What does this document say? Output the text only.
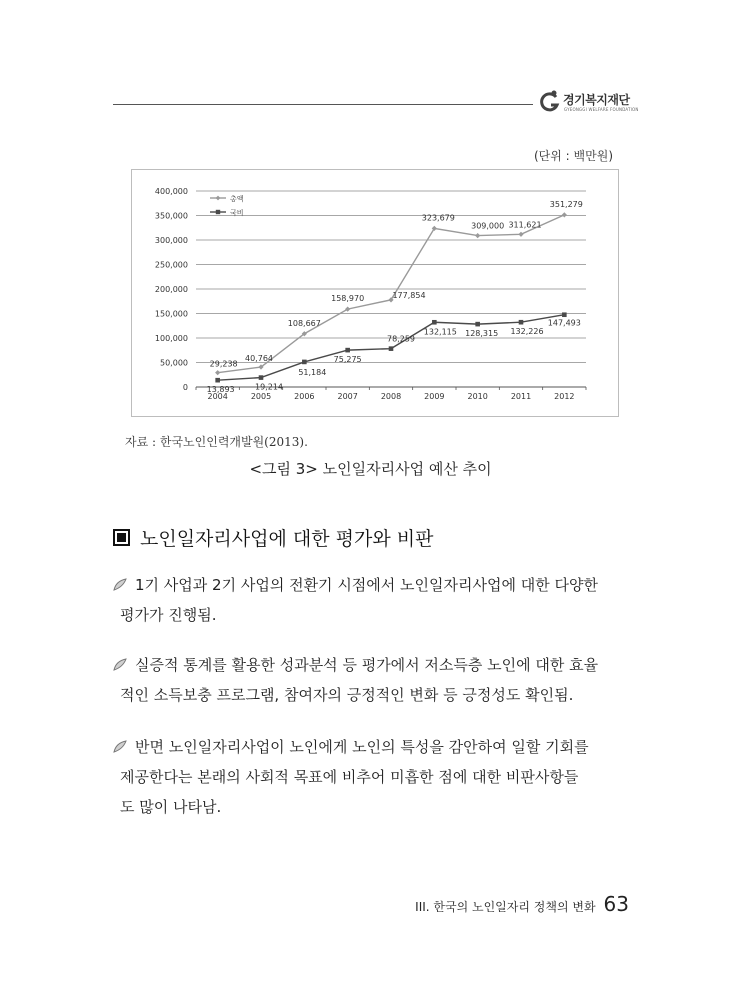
경기복지재단
GYEONGGI WELFARE FOUNDATION
(단위 : 백만원)
0
50,000
100,000
150,000
200,000
250,000
300,000
350,000
400,000
2004	2005	2006	2007	2008	2009	2010	2011	2012
29,238
40,764
108,667
158,970	177,854
323,679
309,000 311,621
351,279
13,893	19,214
51,184
75,275
78,259
132,115 128,315 132,226
147,493
총액
국비
자료 : 한국노인인력개발원(2013).
<그림 3> 노인일자리사업 예산 추이
노인일자리사업에 대한 평가와 비판
1기 사업과 2기 사업의 전환기 시점에서 노인일자리사업에 대한 다양한
평가가 진행됨.
실증적 통계를 활용한 성과분석 등 평가에서 저소득층 노인에 대한 효율
적인 소득보충 프로그램, 참여자의 긍정적인 변화 등 긍정성도 확인됨.
반면 노인일자리사업이 노인에게 노인의 특성을 감안하여 일할 기회를
제공한다는 본래의 사회적 목표에 비추어 미흡한 점에 대한 비판사항들
도 많이 나타남.
III. 한국의 노인일자리 정책의 변화 63
